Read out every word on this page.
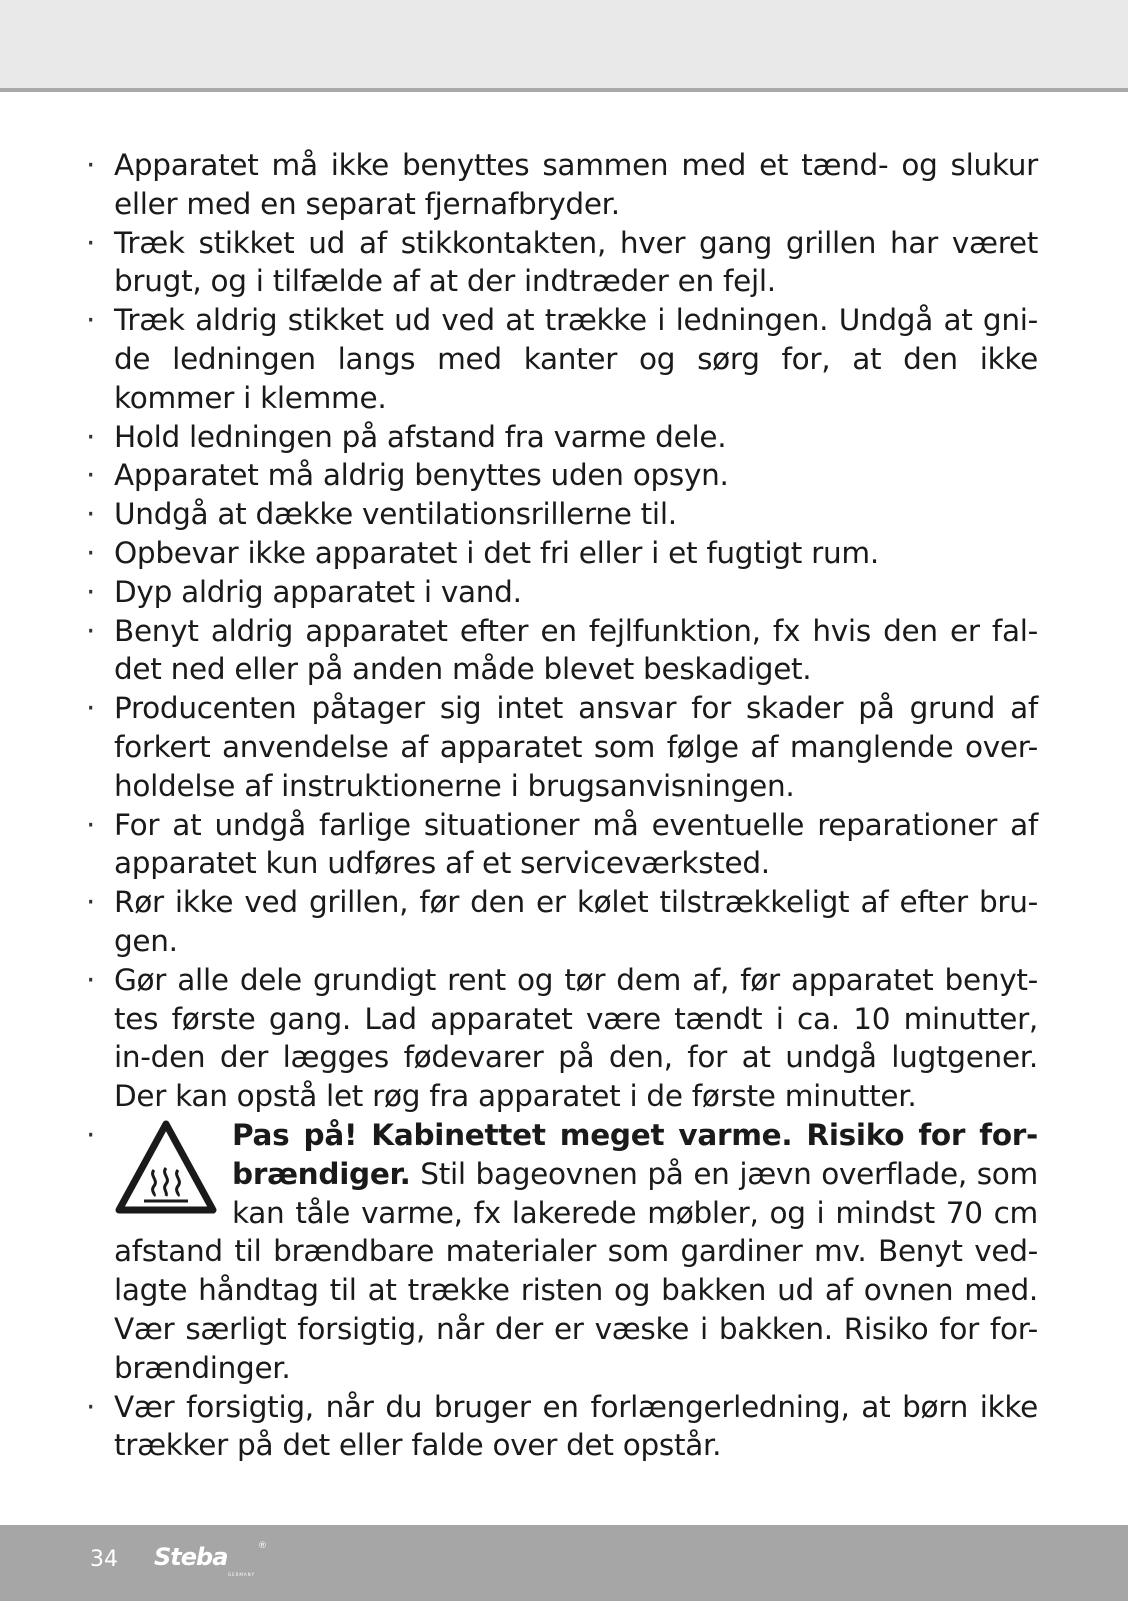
· Apparatet må ikke benyttes sammen med et tænd- og slukur eller med en separat fjernafbryder.
· Træk stikket ud af stikkontakten, hver gang grillen har været brugt, og i tilfælde af at der indtræder en fejl.
· Træk aldrig stikket ud ved at trække i ledningen. Undgå at gni-de ledningen langs med kanter og sørg for, at den ikke kommer i klemme.
· Hold ledningen på afstand fra varme dele.
· Apparatet må aldrig benyttes uden opsyn.
· Undgå at dække ventilationsrillerne til.
· Opbevar ikke apparatet i det fri eller i et fugtigt rum.
· Dyp aldrig apparatet i vand.
· Benyt aldrig apparatet efter en fejlfunktion, fx hvis den er fal-det ned eller på anden måde blevet beskadiget.
· Producenten påtager sig intet ansvar for skader på grund af forkert anvendelse af apparatet som følge af manglende over-holdelse af instruktionerne i brugsanvisningen.
· For at undgå farlige situationer må eventuelle reparationer af apparatet kun udføres af et serviceværksted.
· Rør ikke ved grillen, før den er kølet tilstrækkeligt af efter bru-gen.
· Gør alle dele grundigt rent og tør dem af, før apparatet benyt-tes første gang. Lad apparatet være tændt i ca. 10 minutter, in-den der lægges fødevarer på den, for at undgå lugtgener. Der kan opstå let røg fra apparatet i de første minutter.
· Pas på! Kabinettet meget varme. Risiko for for-brændiger. Stil bageovnen på en jævn overflade, som kan tåle varme, fx lakerede møbler, og i mindst 70 cm afstand til brændbare materialer som gardiner mv. Benyt ved-lagte håndtag til at trække risten og bakken ud af ovnen med. Vær særligt forsigtig, når der er væske i bakken. Risiko for for-brændinger.
· Vær forsigtig, når du bruger en forlængerledning, at børn ikke trækker på det eller falde over det opstår.
34 Steba	®
GERMANY
